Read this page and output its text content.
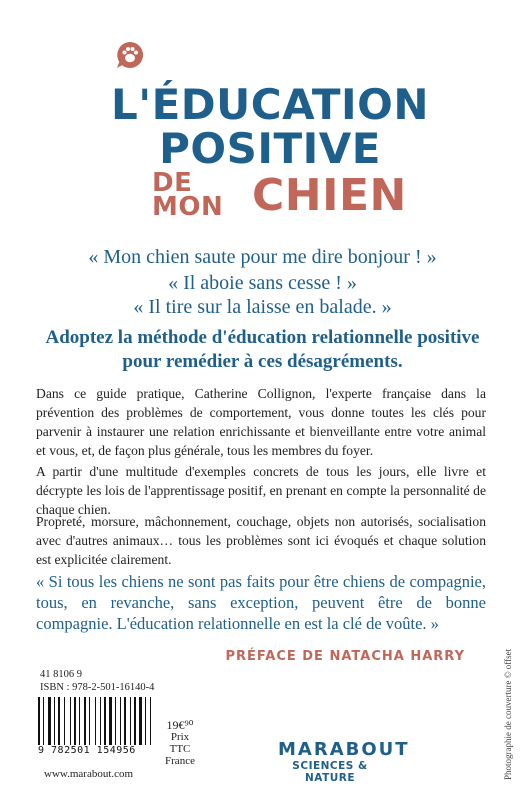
L'ÉDUCATION
POSITIVE
DE
MON CHIEN
« Mon chien saute pour me dire bonjour ! »
« Il aboie sans cesse ! »
« Il tire sur la laisse en balade. »
Adoptez la méthode d'éducation relationnelle positive pour remédier à ces désagréments.
Dans ce guide pratique, Catherine Collignon, l'experte française dans la prévention des problèmes de comportement, vous donne toutes les clés pour parvenir à instaurer une relation enrichissante et bienveillante entre votre animal et vous, et, de façon plus générale, tous les membres du foyer.
A partir d'une multitude d'exemples concrets de tous les jours, elle livre et décrypte les lois de l'apprentissage positif, en prenant en compte la personnalité de chaque chien.
Propreté, morsure, mâchonnement, couchage, objets non autorisés, socialisation avec d'autres animaux… tous les problèmes sont ici évoqués et chaque solution est explicitée clairement.
« Si tous les chiens ne sont pas faits pour être chiens de compagnie, tous, en revanche, sans exception, peuvent être de bonne compagnie. L'éducation relationnelle en est la clé de voûte. »
PRÉFACE DE NATACHA HARRY	Photographie de couverture © offset
41 8106 9
ISBN : 978-2-501-16140-4
9 782501 154956
19€⁹⁰
Prix TTC
France
MARABOUT
SCIENCES & NATURE
www.marabout.com
